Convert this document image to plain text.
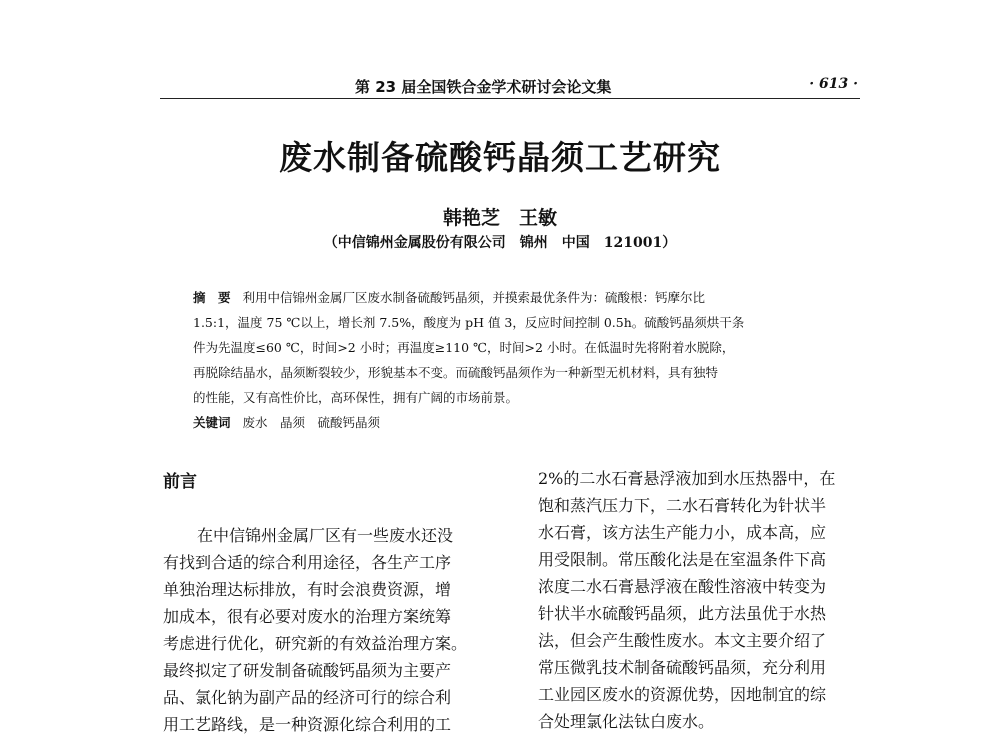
第 23 届全国铁合金学术研讨会论文集	· 613 ·
废水制备硫酸钙晶须工艺研究
韩艳芝　王敏
（中信锦州金属股份有限公司　锦州　中国　121001）
摘　要 利用中信锦州金属厂区废水制备硫酸钙晶须，并摸索最优条件为：硫酸根：钙摩尔比
1.5:1，温度 75 ℃以上，增长剂 7.5%，酸度为 pH 值 3，反应时间控制 0.5h。硫酸钙晶须烘干条
件为先温度≤60 ℃，时间>2 小时；再温度≥110 ℃，时间>2 小时。在低温时先将附着水脱除，
再脱除结晶水，晶须断裂较少，形貌基本不变。而硫酸钙晶须作为一种新型无机材料，具有独特
的性能，又有高性价比，高环保性，拥有广阔的市场前景。
关键词 废水　晶须　硫酸钙晶须
前言
在中信锦州金属厂区有一些废水还没
有找到合适的综合利用途径，各生产工序
单独治理达标排放，有时会浪费资源，增
加成本，很有必要对废水的治理方案统筹
考虑进行优化，研究新的有效益治理方案。
最终拟定了研发制备硫酸钙晶须为主要产
品、氯化钠为副产品的经济可行的综合利
用工艺路线，是一种资源化综合利用的工
2%的二水石膏悬浮液加到水压热器中，在
饱和蒸汽压力下，二水石膏转化为针状半
水石膏，该方法生产能力小，成本高，应
用受限制。常压酸化法是在室温条件下高
浓度二水石膏悬浮液在酸性溶液中转变为
针状半水硫酸钙晶须，此方法虽优于水热
法，但会产生酸性废水。本文主要介绍了
常压微乳技术制备硫酸钙晶须，充分利用
工业园区废水的资源优势，因地制宜的综
合处理氯化法钛白废水。
